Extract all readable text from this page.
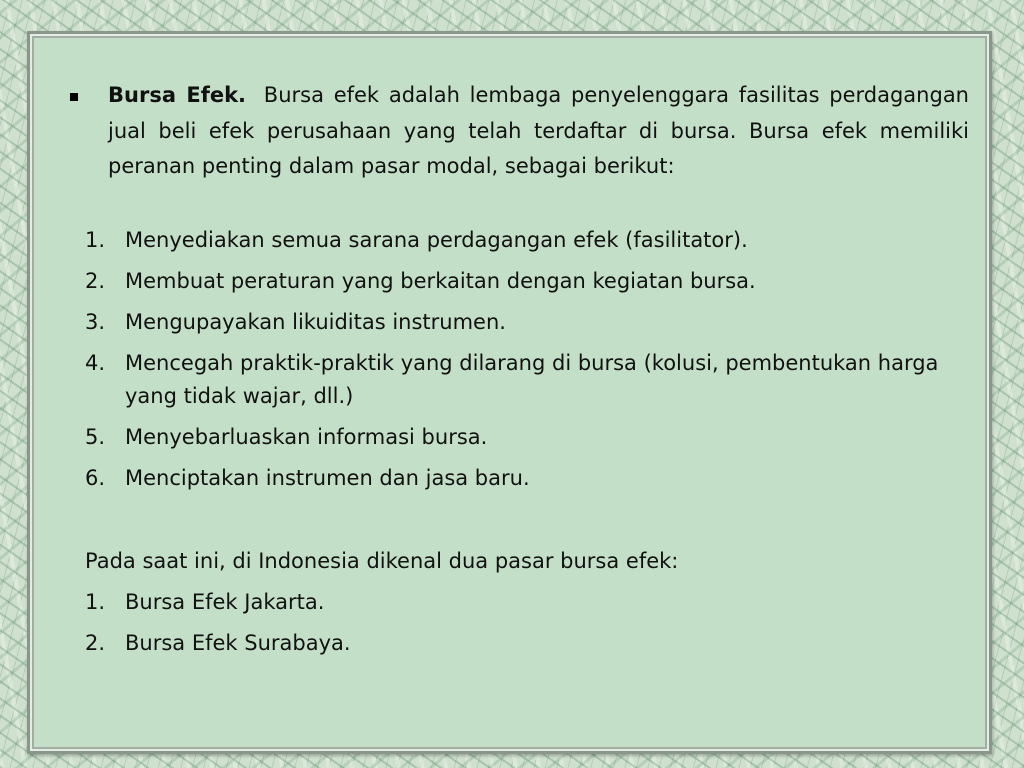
Bursa Efek. Bursa efek adalah lembaga penyelenggara fasilitas perdagangan jual beli efek perusahaan yang telah terdaftar di bursa. Bursa efek memiliki peranan penting dalam pasar modal, sebagai berikut:

1. Menyediakan semua sarana perdagangan efek (fasilitator).
2. Membuat peraturan yang berkaitan dengan kegiatan bursa.
3. Mengupayakan likuiditas instrumen.
4. Mencegah praktik-praktik yang dilarang di bursa (kolusi, pembentukan harga yang tidak wajar, dll.)
5. Menyebarluaskan informasi bursa.
6. Menciptakan instrumen dan jasa baru.

Pada saat ini, di Indonesia dikenal dua pasar bursa efek:

1. Bursa Efek Jakarta.
2. Bursa Efek Surabaya.
